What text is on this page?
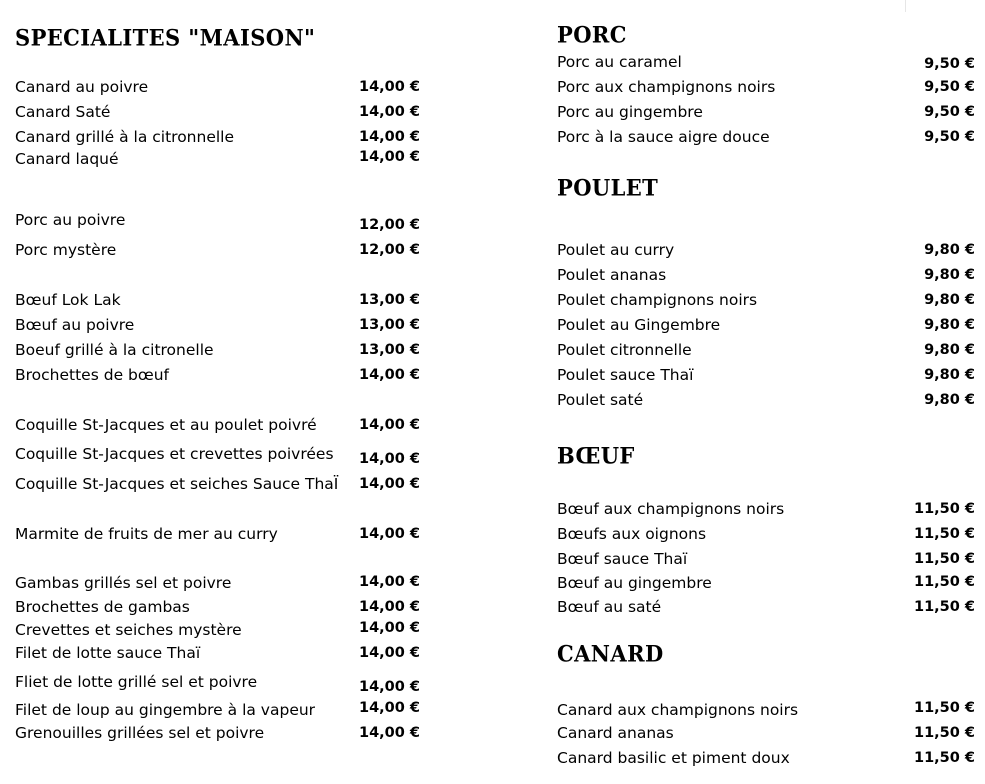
SPECIALITES "MAISON"
Canard au poivre	14,00 €
Canard Saté	14,00 €
Canard grillé à la citronnelle	14,00 €
Canard laqué	14,00 €
Porc au poivre	12,00 €
Porc mystère	12,00 €
Bœuf Lok Lak	13,00 €
Bœuf au poivre	13,00 €
Boeuf grillé à la citronelle	13,00 €
Brochettes de bœuf	14,00 €
Coquille St-Jacques et au poulet poivré	14,00 €
Coquille St-Jacques et crevettes poivrées	14,00 €
Coquille St-Jacques et seiches Sauce ThaÏ	14,00 €
Marmite de fruits de mer au curry	14,00 €
Gambas grillés sel et poivre	14,00 €
Brochettes de gambas	14,00 €
Crevettes et seiches mystère	14,00 €
Filet de lotte sauce Thaï	14,00 €
Fliet de lotte grillé sel et poivre	14,00 €
Filet de loup au gingembre à la vapeur	14,00 €
Grenouilles grillées sel et poivre	14,00 €
PORC
Porc au caramel	9,50 €
Porc aux champignons noirs	9,50 €
Porc au gingembre	9,50 €
Porc à la sauce aigre douce	9,50 €
POULET
Poulet au curry	9,80 €
Poulet ananas	9,80 €
Poulet champignons noirs	9,80 €
Poulet au Gingembre	9,80 €
Poulet citronnelle	9,80 €
Poulet sauce Thaï	9,80 €
Poulet saté	9,80 €
BŒUF
Bœuf aux champignons noirs	11,50 €
Bœufs aux oignons	11,50 €
Bœuf sauce Thaï	11,50 €
Bœuf au gingembre	11,50 €
Bœuf au saté	11,50 €
CANARD
Canard aux champignons noirs	11,50 €
Canard ananas	11,50 €
Canard basilic et piment doux	11,50 €
